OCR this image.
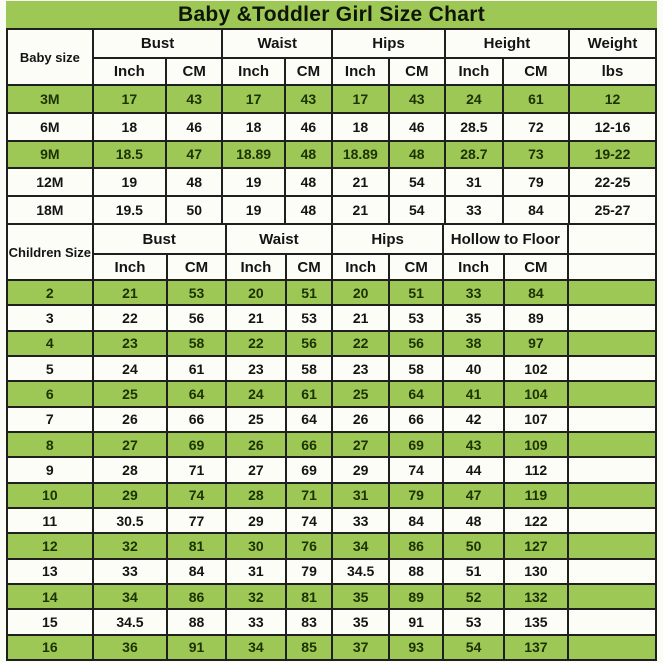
Baby &Toddler Girl Size Chart
Baby size	Bust		Waist		Hips		Height		Weight
	Inch	CM	Inch	CM	Inch	CM	Inch	CM	lbs
3M	17	43	17	43	17	43	24	61	12
6M	18	46	18	46	18	46	28.5	72	12-16
9M	18.5	47	18.89	48	18.89	48	28.7	73	19-22
12M	19	48	19	48	21	54	31	79	22-25
18M	19.5	50	19	48	21	54	33	84	25-27
Children Size	Bust		Waist		Hips		Hollow to Floor		
	Inch	CM	Inch	CM	Inch	CM	Inch	CM	
2	21	53	20	51	20	51	33	84	
3	22	56	21	53	21	53	35	89	
4	23	58	22	56	22	56	38	97	
5	24	61	23	58	23	58	40	102	
6	25	64	24	61	25	64	41	104	
7	26	66	25	64	26	66	42	107	
8	27	69	26	66	27	69	43	109	
9	28	71	27	69	29	74	44	112	
10	29	74	28	71	31	79	47	119	
11	30.5	77	29	74	33	84	48	122	
12	32	81	30	76	34	86	50	127	
13	33	84	31	79	34.5	88	51	130	
14	34	86	32	81	35	89	52	132	
15	34.5	88	33	83	35	91	53	135	
16	36	91	34	85	37	93	54	137	
